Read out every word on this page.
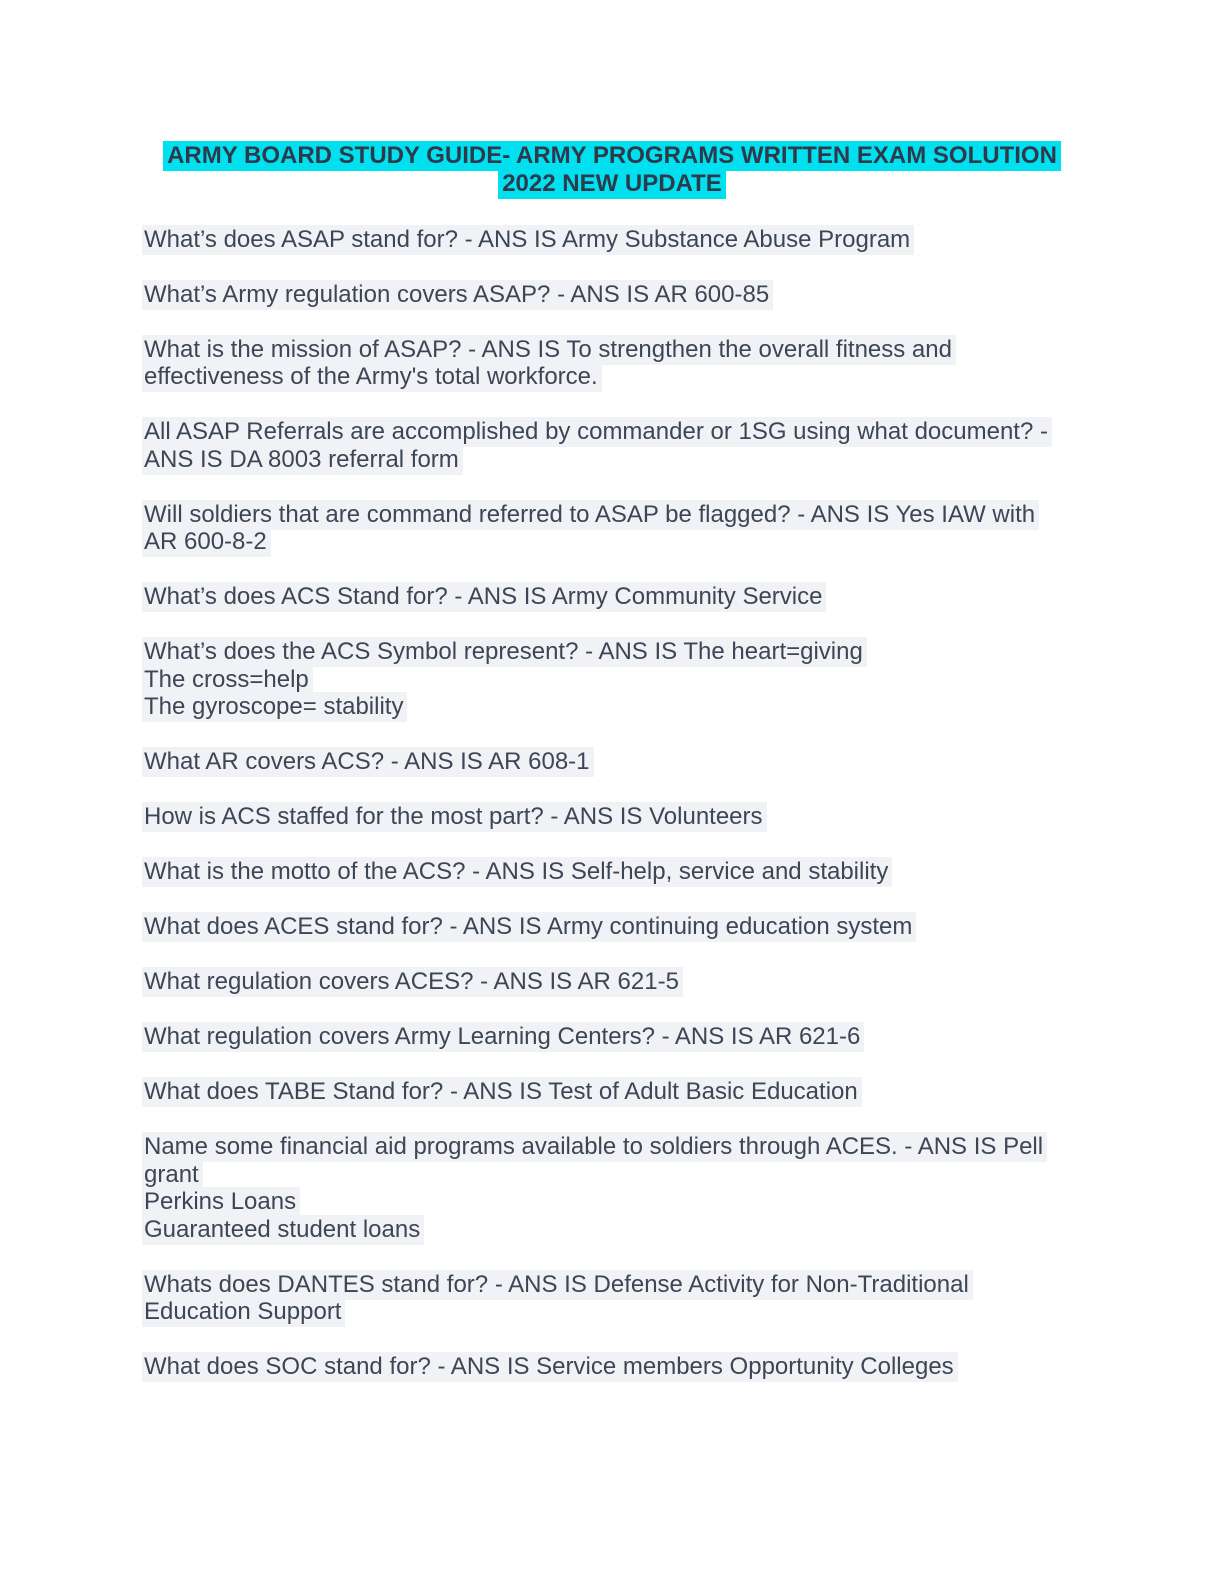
ARMY BOARD STUDY GUIDE- ARMY PROGRAMS WRITTEN EXAM SOLUTION
2022 NEW UPDATE

What’s does ASAP stand for? - ANS IS Army Substance Abuse Program

What’s Army regulation covers ASAP? - ANS IS AR 600-85

What is the mission of ASAP? - ANS IS To strengthen the overall fitness and
effectiveness of the Army's total workforce.

All ASAP Referrals are accomplished by commander or 1SG using what document? -
ANS IS DA 8003 referral form

Will soldiers that are command referred to ASAP be flagged? - ANS IS Yes IAW with
AR 600-8-2

What’s does ACS Stand for? - ANS IS Army Community Service

What’s does the ACS Symbol represent? - ANS IS The heart=giving
The cross=help
The gyroscope= stability

What AR covers ACS? - ANS IS AR 608-1

How is ACS staffed for the most part? - ANS IS Volunteers

What is the motto of the ACS? - ANS IS Self-help, service and stability

What does ACES stand for? - ANS IS Army continuing education system

What regulation covers ACES? - ANS IS AR 621-5

What regulation covers Army Learning Centers? - ANS IS AR 621-6

What does TABE Stand for? - ANS IS Test of Adult Basic Education

Name some financial aid programs available to soldiers through ACES. - ANS IS Pell
grant
Perkins Loans
Guaranteed student loans

Whats does DANTES stand for? - ANS IS Defense Activity for Non-Traditional
Education Support

What does SOC stand for? - ANS IS Service members Opportunity Colleges
